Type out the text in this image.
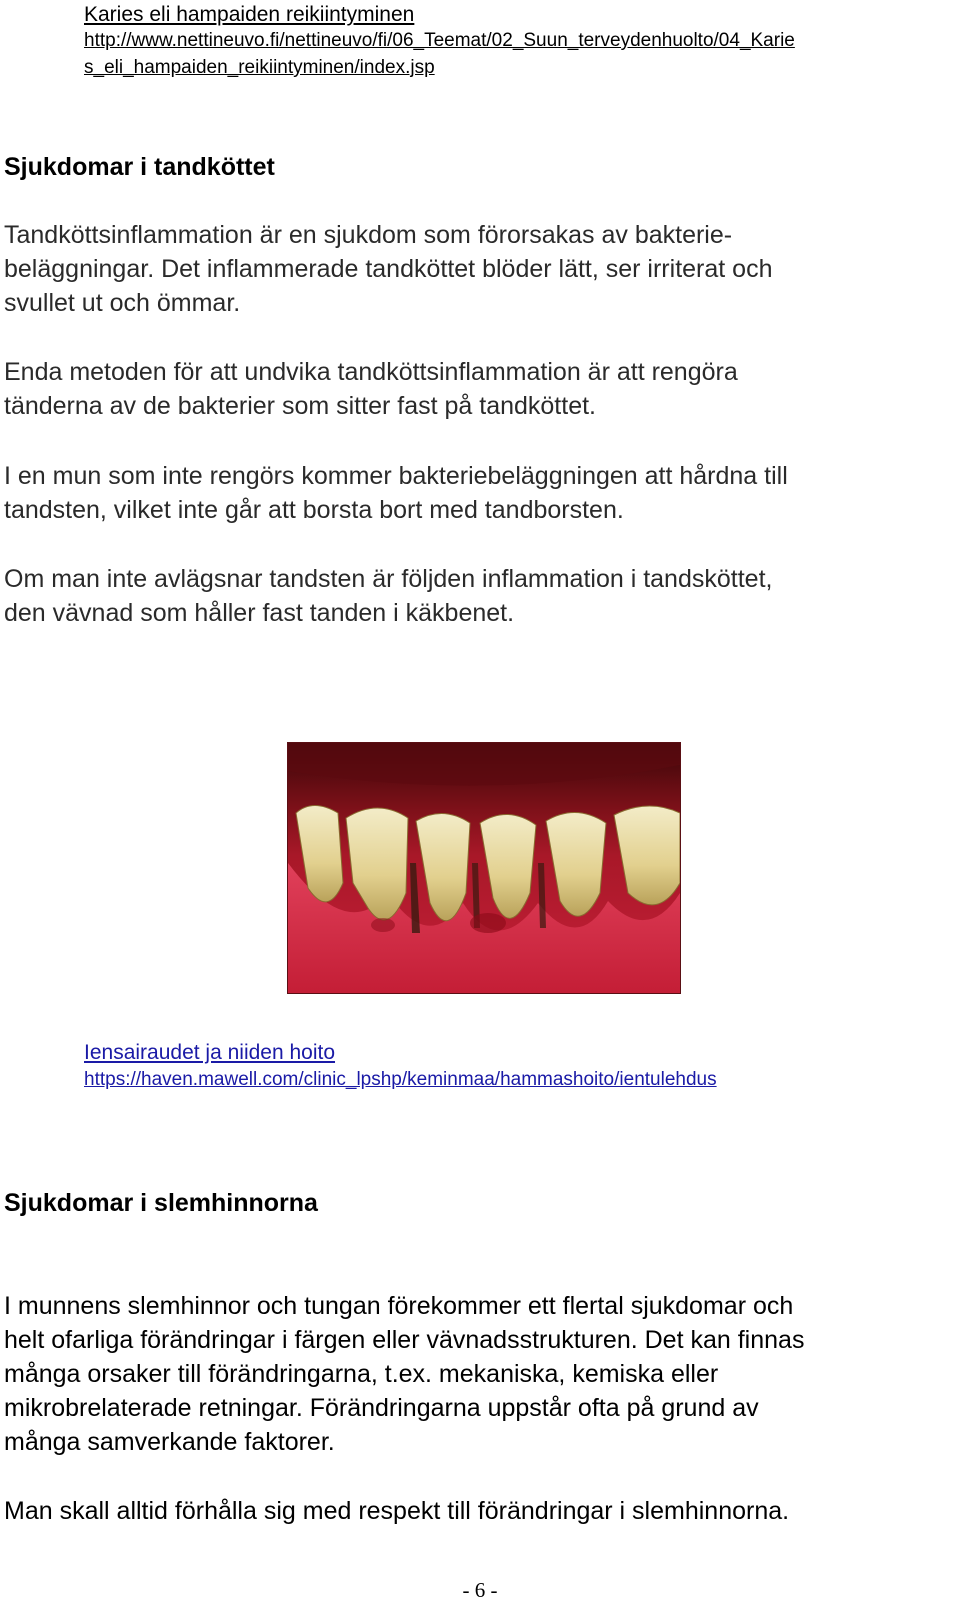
Karies eli hampaiden reikiintyminen
http://www.nettineuvo.fi/nettineuvo/fi/06_Teemat/02_Suun_terveydenhuolto/04_Karie
s_eli_hampaiden_reikiintyminen/index.jsp
Sjukdomar i tandköttet

Tandköttsinflammation är en sjukdom som förorsakas av bakterie-
beläggningar. Det inflammerade tandköttet blöder lätt, ser irriterat och
svullet ut och ömmar.

Enda metoden för att undvika tandköttsinflammation är att rengöra
tänderna av de bakterier som sitter fast på tandköttet.

I en mun som inte rengörs kommer bakteriebeläggningen att hårdna till
tandsten, vilket inte går att borsta bort med tandborsten.

Om man inte avlägsnar tandsten är följden inflammation i tandsköttet,
den vävnad som håller fast tanden i käkbenet.

Iensairaudet ja niiden hoito
https://haven.mawell.com/clinic_lpshp/keminmaa/hammashoito/ientulehdus
Sjukdomar i slemhinnorna

I munnens slemhinnor och tungan förekommer ett flertal sjukdomar och
helt ofarliga förändringar i färgen eller vävnadsstrukturen. Det kan finnas
många orsaker till förändringarna, t.ex. mekaniska, kemiska eller
mikrobrelaterade retningar. Förändringarna uppstår ofta på grund av
många samverkande faktorer.

Man skall alltid förhålla sig med respekt till förändringar i slemhinnorna.

- 6 -
